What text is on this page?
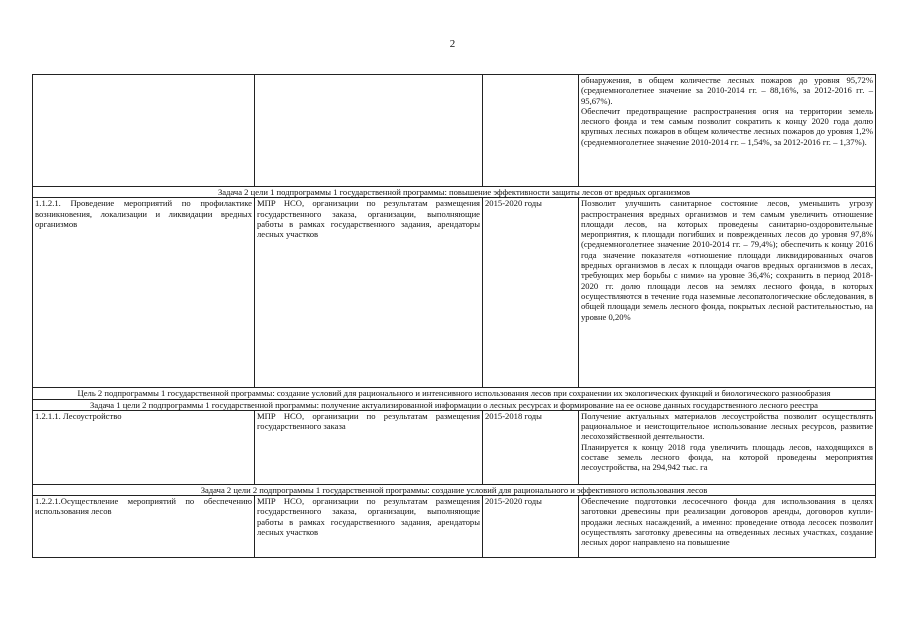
2

			обнаружения, в общем количестве лесных пожаров до уровня 95,72% (среднемноголетнее значение за 2010-2014 гг. – 88,16%, за 2012-2016 гг. – 95,67%).
Обеспечит предотвращение распространения огня на территории земель лесного фонда и тем самым позволит сократить к концу 2020 года долю крупных лесных пожаров в общем количестве лесных пожаров до уровня 1,2% (среднемноголетнее значение 2010-2014 гг. – 1,54%, за 2012-2016 гг. – 1,37%).

Задача 2 цели 1 подпрограммы 1 государственной программы: повышение эффективности защиты лесов от вредных организмов			
1.1.2.1. Проведение мероприятий по профилактике возникновения, локализации и ликвидации вредных организмов	МПР НСО, организации по результатам размещения государственного заказа, организации, выполняющие работы в рамках государственного задания, арендаторы лесных участков	2015-2020 годы	Позволит улучшить санитарное состояние лесов, уменьшить угрозу распространения вредных организмов и тем самым увеличить отношение площади лесов, на которых проведены санитарно-оздоровительные мероприятия, к площади погибших и поврежденных лесов до уровня 97,8% (среднемноголетнее значение 2010-2014 гг. – 79,4%); обеспечить к концу 2016 года значение показателя «отношение площади ликвидированных очагов вредных организмов в лесах к площади очагов вредных организмов в лесах, требующих мер борьбы с ними» на уровне 36,4%; сохранить в период 2018-2020 гг. долю площади лесов на землях лесного фонда, в которых осуществляются в течение года наземные лесопатологические обследования, в общей площади земель лесного фонда, покрытых лесной растительностью, на уровне 0,20%
Цель 2 подпрограммы 1 государственной программы: создание условий для рационального и интенсивного использования лесов при сохранении их экологических функций и биологического разнообразия			
Задача 1 цели 2 подпрограммы 1 государственной программы: получение актуализированной информации о лесных ресурсах и формирование на ее основе данных государственного лесного реестра			
1.2.1.1. Лесоустройство	МПР НСО, организации по результатам размещения государственного заказа	2015-2018 годы	Получение актуальных материалов лесоустройства позволит осуществлять рациональное и неистощительное использование лесных ресурсов, развитие лесохозяйственной деятельности.
Планируется к концу 2018 года увеличить площадь лесов, находящихся в составе земель лесного фонда, на которой проведены мероприятия лесоустройства, на 294,942 тыс. га

Задача 2 цели 2 подпрограммы 1 государственной программы: создание условий для рационального и эффективного использования лесов			
1.2.2.1.Осуществление мероприятий по обеспечению использования лесов	МПР НСО, организации по результатам размещения государственного заказа, организации, выполняющие работы в рамках государственного задания, арендаторы лесных участков	2015-2020 годы	Обеспечение подготовки лесосечного фонда для использования в целях заготовки древесины при реализации договоров аренды, договоров купли-продажи лесных насаждений, а именно: проведение отвода лесосек позволит осуществлять заготовку древесины на отведенных лесных участках, создание лесных дорог направлено на повышение
